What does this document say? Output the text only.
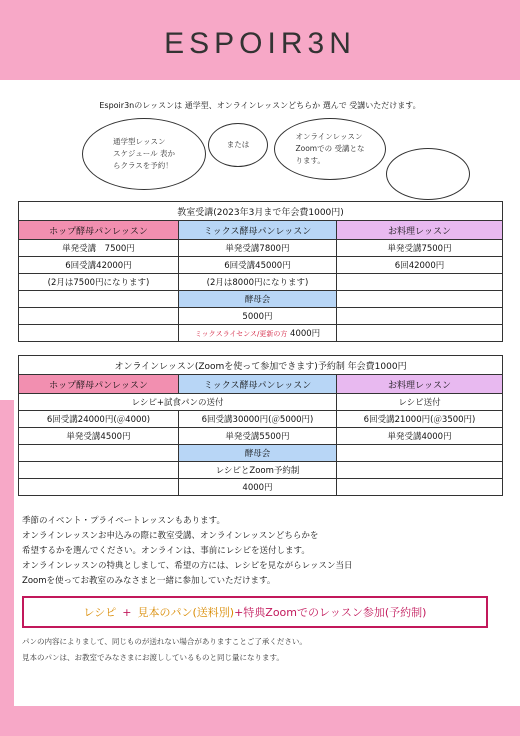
ESPOIR3N
Espoir3nのレッスンは 通学型、オンラインレッスンどちらか 選んで 受講いただけます。
通学型レッスン
スケジュール 表か
らクラスを予約！
または
オンラインレッスン
Zoomでの 受講とな
ります。
教室受講(2023年3月まで年会費1000円)		
ホップ酵母パンレッスン	ミックス酵母パンレッスン	お料理レッスン
単発受講　7500円	単発受講7800円	単発受講7500円
6回受講42000円	6回受講45000円	6回42000円
(2月は7500円になります)	(2月は8000円になります)	
	酵母会	
	5000円	
	ミックスライセンス/更新の方 4000円	
オンラインレッスン(Zoomを使って参加できます)予約制 年会費1000円		
ホップ酵母パンレッスン	ミックス酵母パンレッスン	お料理レッスン
レシピ+試食パンの送付		レシピ送付
6回受講24000円(＠4000)	6回受講30000円(＠5000円)	6回受講21000円(＠3500円)
単発受講4500円	単発受講5500円	単発受講4000円
	酵母会	
	レシピとZoom予約制	
	4000円	
季節のイベント・プライベートレッスンもあります。
オンラインレッスンお申込みの際に教室受講、オンラインレッスンどちらかを
希望するかを選んでください。オンラインは、事前にレシピを送付します。
オンラインレッスンの特典としまして、希望の方には、レシピを見ながらレッスン当日
Zoomを使ってお教室のみなさまと一緒に参加していただけます。
レシピ + 見本のパン(送料別) +特典Zoomでのレッスン参加(予約制)
パンの内容によりまして、同じものが送れない場合がありますことご了承ください。
見本のパンは、お教室でみなさまにお渡ししているものと同じ量になります。
